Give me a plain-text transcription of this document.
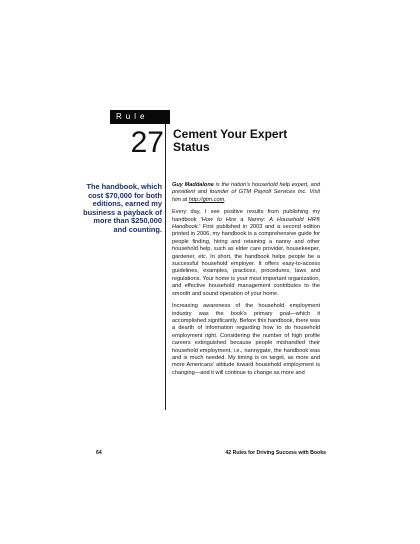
Rule
27 Cement Your Expert
Status
The handbook, which cost $70,000 for both editions, earned my business a payback of more than $250,000 and counting.

Guy Maddalone is the nation's household help expert, and president and founder of GTM Payroll Services Inc. Visit him at http://gtm.com.

Every day, I see positive results from publishing my handbook 'How to Hire a Nanny: A Household HR® Handbook.' First published in 2003 and a second edition printed in 2006, my handbook is a comprehensive guide for people finding, hiring and retaining a nanny and other household help, such as elder care provider, housekeeper, gardener, etc. In short, the handbook helps people be a successful household employer. It offers easy-to-access guidelines, examples, practices, procedures, laws and regulations. Your home is your most important organization, and effective household management contributes to the smooth and sound operation of your home.

Increasing awareness of the household employment industry was the book's primary goal—which it accomplished significantly. Before this handbook, there was a dearth of information regarding how to do household employment right. Considering the number of high profile careers extinguished because people mishandled their household employment, i.e., nannygate, the handbook was and is much needed. My timing is on target, as more and more Americans' attitude toward household employment is changing—and it will continue to change as more and

64	42 Rules for Driving Success with Books
